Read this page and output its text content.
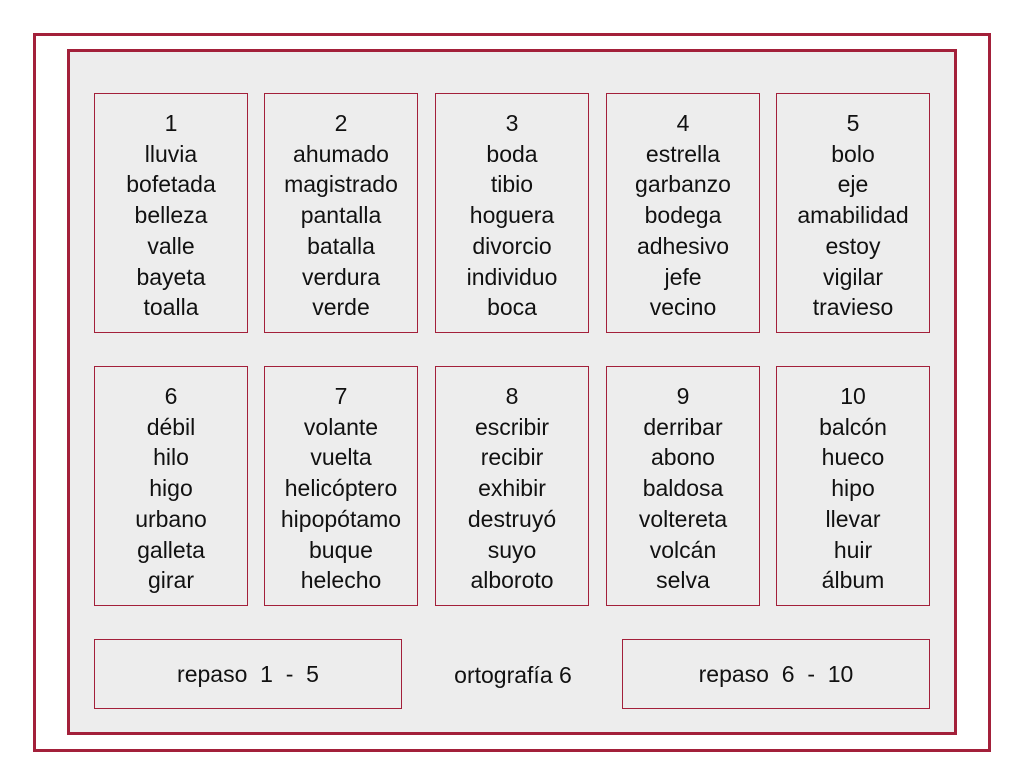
1
lluvia
bofetada
belleza
valle
bayeta
toalla
2
ahumado
magistrado
pantalla
batalla
verdura
verde
3
boda
tibio
hoguera
divorcio
individuo
boca
4
estrella
garbanzo
bodega
adhesivo
jefe
vecino
5
bolo
eje
amabilidad
estoy
vigilar
travieso
6
débil
hilo
higo
urbano
galleta
girar
7
volante
vuelta
helicóptero
hipopótamo
buque
helecho
8
escribir
recibir
exhibir
destruyó
suyo
alboroto
9
derribar
abono
baldosa
voltereta
volcán
selva
10
balcón
hueco
hipo
llevar
huir
álbum
repaso  1  -  5	ortografía 6	repaso  6  -  10
